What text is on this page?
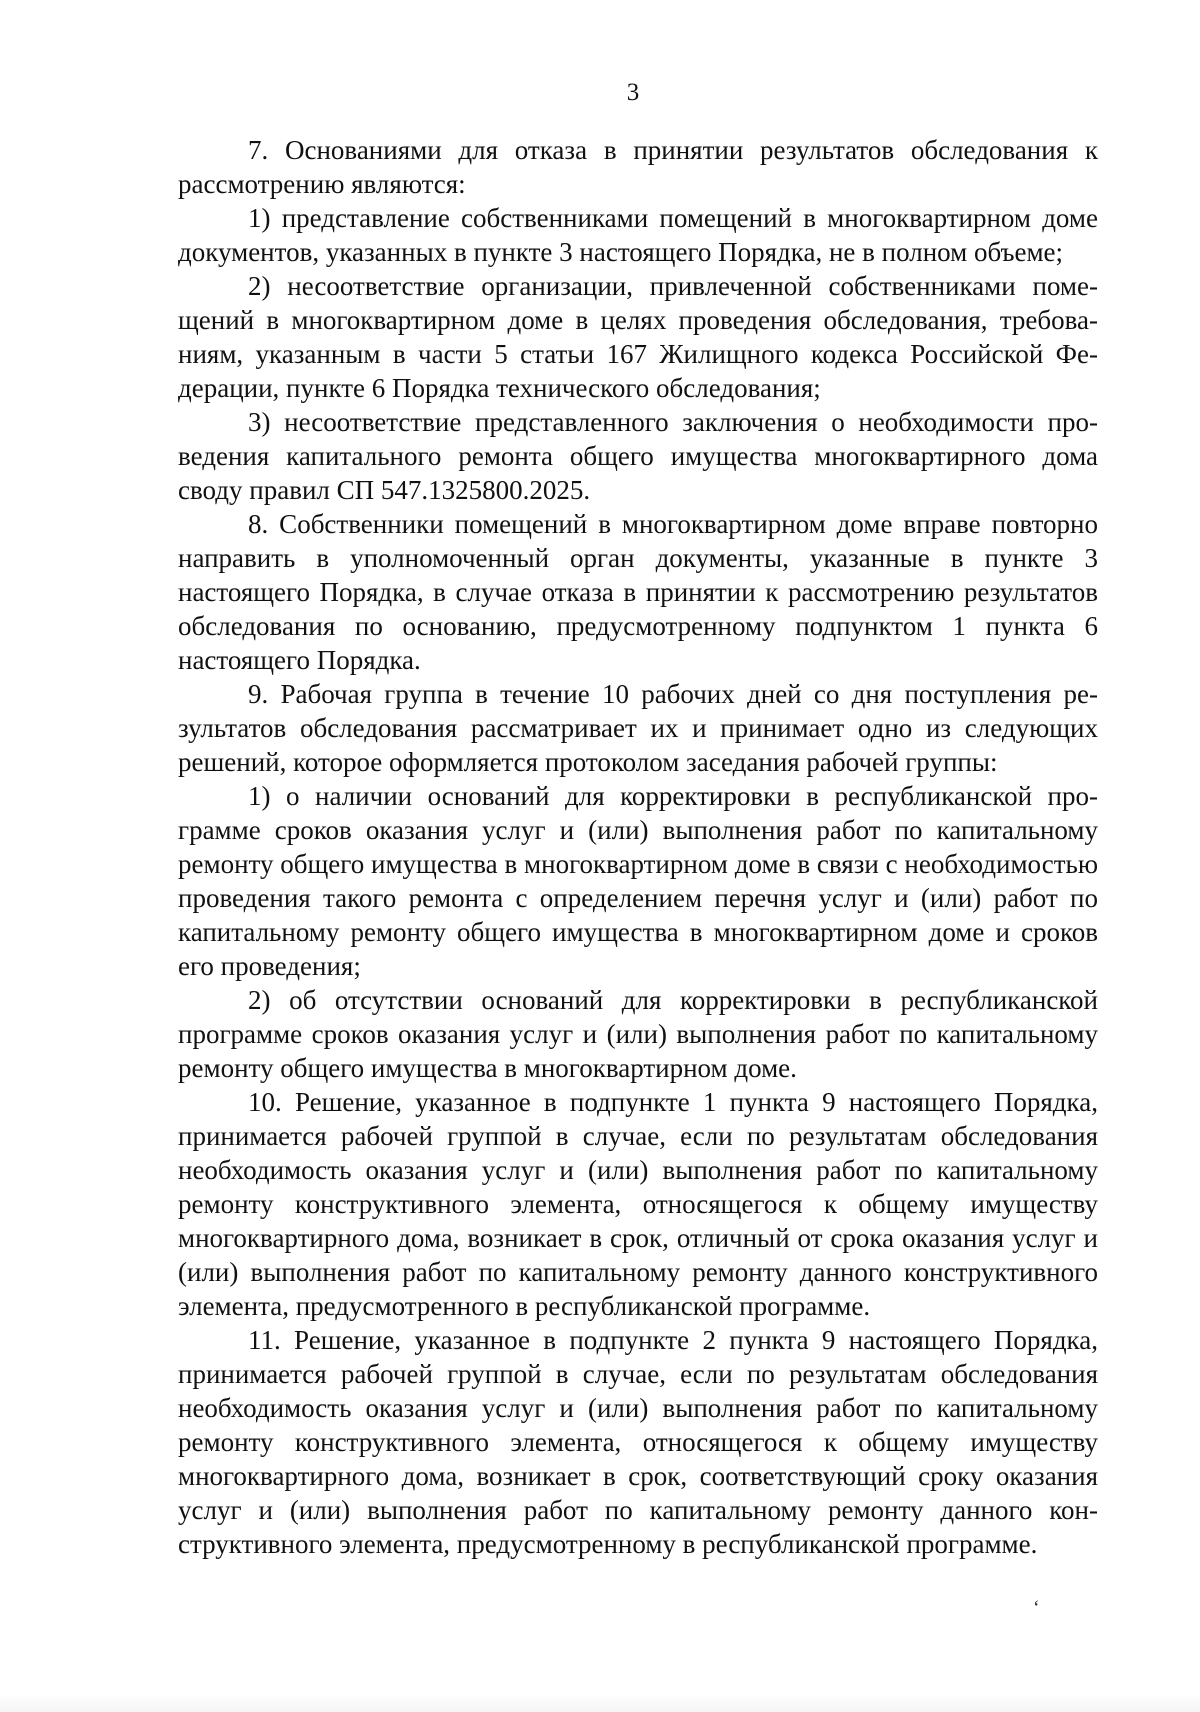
3

7. Основаниями для отказа в принятии результатов обследования к рассмотрению являются:

1) представление собственниками помещений в многоквартирном доме документов, указанных в пункте 3 настоящего Порядка, не в полном объеме;

2) несоответствие организации, привлеченной собственниками помещений в многоквартирном доме в целях проведения обследования, требованиям, указанным в части 5 статьи 167 Жилищного кодекса Российской Федерации, пункте 6 Порядка технического обследования;

3) несоответствие представленного заключения о необходимости проведения капитального ремонта общего имущества многоквартирного дома своду правил СП 547.1325800.2025.

8. Собственники помещений в многоквартирном доме вправе повторно направить в уполномоченный орган документы, указанные в пункте 3 настоящего Порядка, в случае отказа в принятии к рассмотрению результатов обследования по основанию, предусмотренному подпунктом 1 пункта 6 настоящего Порядка.

9. Рабочая группа в течение 10 рабочих дней со дня поступления результатов обследования рассматривает их и принимает одно из следующих решений, которое оформляется протоколом заседания рабочей группы:

1) о наличии оснований для корректировки в республиканской программе сроков оказания услуг и (или) выполнения работ по капитальному ремонту общего имущества в многоквартирном доме в связи с необходимостью проведения такого ремонта с определением перечня услуг и (или) работ по капитальному ремонту общего имущества в многоквартирном доме и сроков его проведения;

2) об отсутствии оснований для корректировки в республиканской программе сроков оказания услуг и (или) выполнения работ по капитальному ремонту общего имущества в многоквартирном доме.

10. Решение, указанное в подпункте 1 пункта 9 настоящего Порядка, принимается рабочей группой в случае, если по результатам обследования необходимость оказания услуг и (или) выполнения работ по капитальному ремонту конструктивного элемента, относящегося к общему имуществу многоквартирного дома, возникает в срок, отличный от срока оказания услуг и (или) выполнения работ по капитальному ремонту данного конструктивного элемента, предусмотренного в республиканской программе.

11. Решение, указанное в подпункте 2 пункта 9 настоящего Порядка, принимается рабочей группой в случае, если по результатам обследования необходимость оказания услуг и (или) выполнения работ по капитальному ремонту конструктивного элемента, относящегося к общему имуществу многоквартирного дома, возникает в срок, соответствующий сроку оказания услуг и (или) выполнения работ по капитальному ремонту данного конструктивного элемента, предусмотренному в республиканской программе.

‘
